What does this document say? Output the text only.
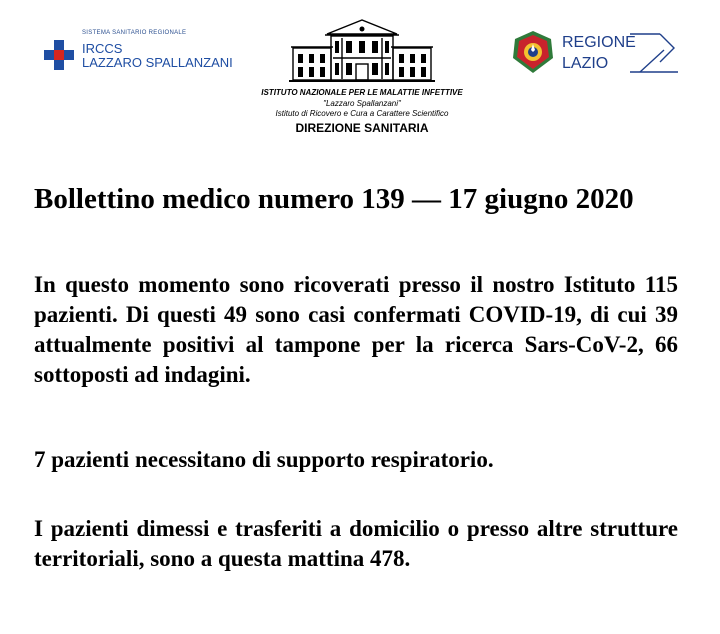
SISTEMA SANITARIO REGIONALE
IRCCS
LAZZARO SPALLANZANI
ISTITUTO NAZIONALE PER LE MALATTIE INFETTIVE
"Lazzaro Spallanzani"
Istituto di Ricovero e Cura a Carattere Scientifico
DIREZIONE SANITARIA
REGIONE
LAZIO
Bollettino medico numero 139 — 17 giugno 2020
In questo momento sono ricoverati presso il nostro Istituto 115 pazienti. Di questi 49 sono casi confermati COVID-19, di cui 39 attualmente positivi al tampone per la ricerca Sars-CoV-2, 66 sottoposti ad indagini.
7 pazienti necessitano di supporto respiratorio.
I pazienti dimessi e trasferiti a domicilio o presso altre strutture territoriali, sono a questa mattina 478.
